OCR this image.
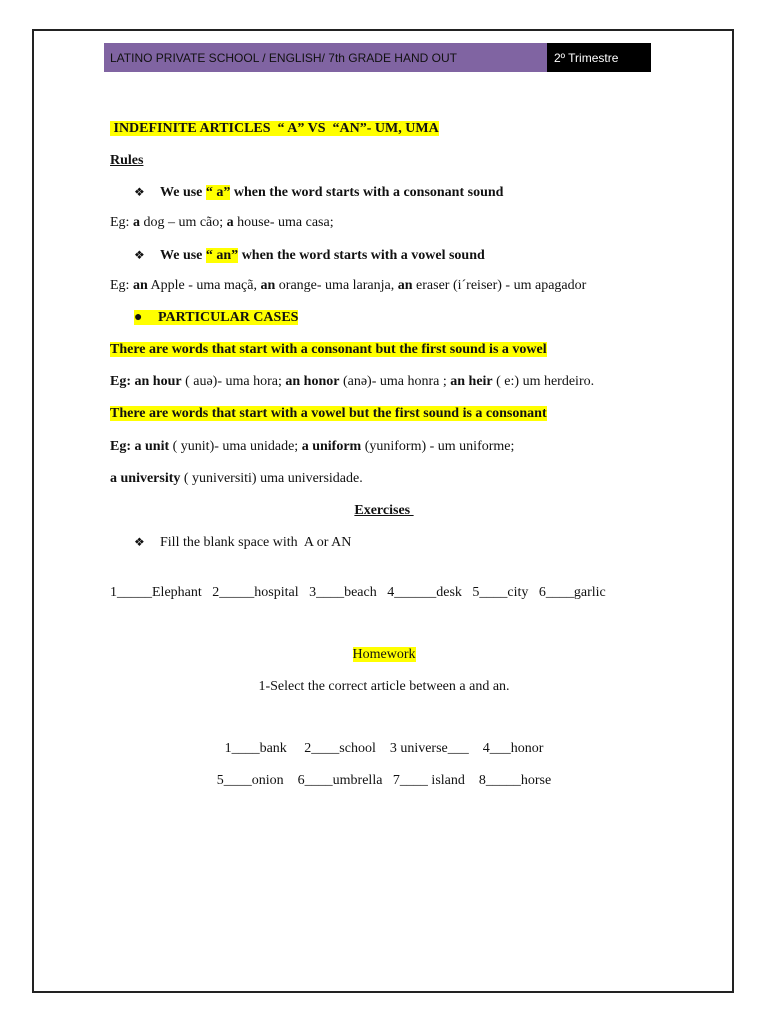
LATINO PRIVATE SCHOOL / ENGLISH/ 7th GRADE HAND OUT	2º Trimestre
INDEFINITE ARTICLES  “ A” VS  “AN”- UM, UMA
Rules
❖ We use “ a” when the word starts with a consonant sound
Eg: a dog – um cão; a house- uma casa;
❖ We use “ an” when the word starts with a vowel sound
Eg: an Apple - uma maçã, an orange- uma laranja, an eraser (i´reiser) - um apagador
● PARTICULAR CASES
There are words that start with a consonant but the first sound is a vowel
Eg: an hour ( auə)- uma hora; an honor (anə)- uma honra ; an heir ( e:) um herdeiro.
There are words that start with a vowel but the first sound is a consonant
Eg: a unit ( yunit)- uma unidade; a uniform (yuniform) - um uniforme;
a university ( yuniversiti) uma universidade.
Exercises
❖ Fill the blank space with  A or AN
1_____Elephant   2_____hospital   3____beach   4______desk   5____city   6____garlic
Homework
1-Select the correct article between a and an.
1____bank     2____school    3 universe___    4___honor
5____onion    6____umbrella   7____ island    8_____horse
